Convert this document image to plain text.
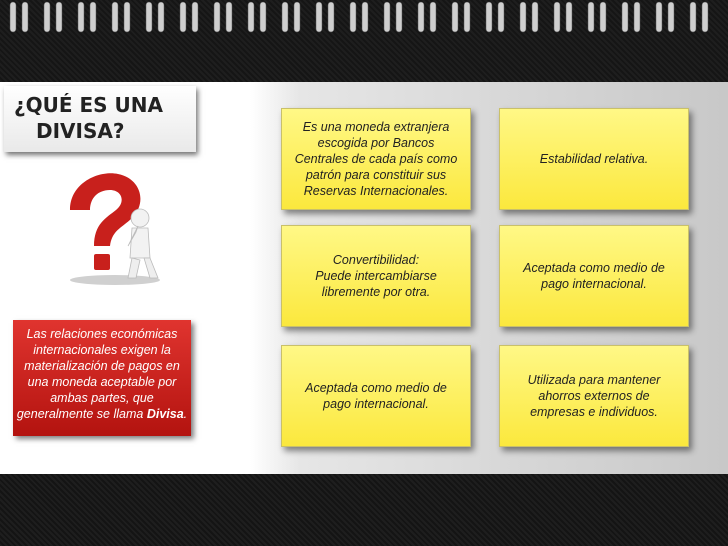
¿QUÉ ES UNA
DIVISA?
Las relaciones económicas internacionales exigen la materialización de pagos en una moneda aceptable por ambas partes, que generalmente se llama Divisa.
Es una moneda extranjera
escogida por Bancos
Centrales de cada país como
patrón para constituir sus
Reservas Internacionales.
Estabilidad relativa.
Convertibilidad:
Puede intercambiarse
libremente por otra.
Aceptada como medio de
pago internacional.
Aceptada como medio de
pago internacional.
Utilizada para mantener
ahorros externos de
empresas e individuos.
